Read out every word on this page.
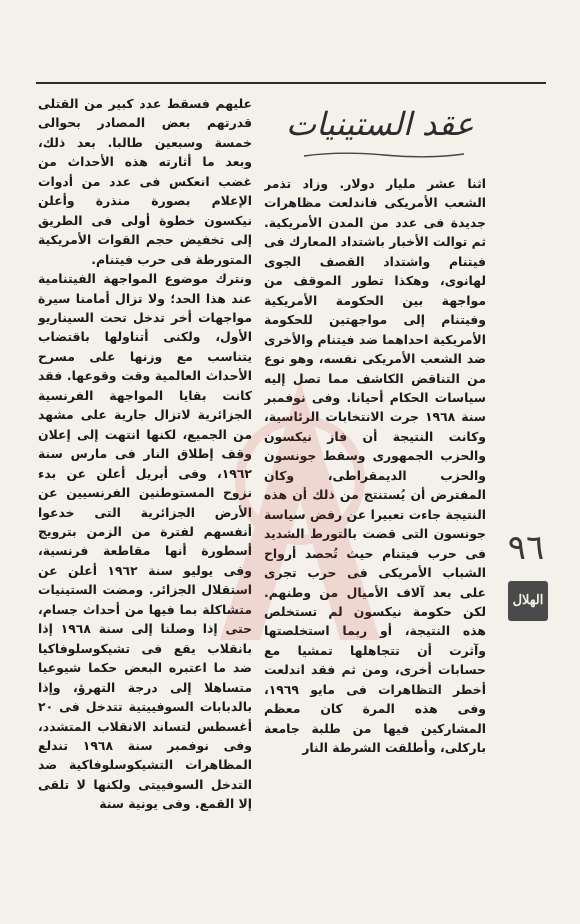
عقد الستينيات

عليهم فسقط عدد كبير من القتلى قدرتهم بعض المصادر بحوالى خمسة وسبعين طالبا. بعد ذلك، وبعد ما أثارته هذه الأحداث من غضب انعكس فى عدد من أدوات الإعلام بصورة منذرة وأعلن نيكسون خطوة أولى فى الطريق إلى تخفيض حجم القوات الأمريكية المتورطة فى حرب فيتنام.

ونترك موضوع المواجهة الفيتنامية عند هذا الحد؛ ولا تزال أمامنا سيرة مواجهات أخر تدخل تحت السيناريو الأول، ولكنى أتناولها باقتضاب يتناسب مع وزنها على مسرح الأحداث العالمية وقت وقوعها. فقد كانت بقايا المواجهة الفرنسية الجزائرية لاتزال جارية على مشهد من الجميع، لكنها انتهت إلى إعلان وقف إطلاق النار فى مارس سنة ١٩٦٢، وفى أبريل أعلن عن بدء نزوح المستوطنين الفرنسيين عن الأرض الجزائرية التى خدعوا أنفسهم لفترة من الزمن بترويج أسطورة أنها مقاطعة فرنسية، وفى يوليو سنة ١٩٦٢ أعلن عن استقلال الجزائر. ومضت الستينيات متشاكلة بما فيها من أحداث جسام، حتى إذا وصلنا إلى سنة ١٩٦٨ إذا بانقلاب يقع فى تشيكوسلوفاكيا ضد ما اعتبره البعض حكما شيوعيا متساهلا إلى درجة التهرؤ، وإذا بالدبابات السوفييتية تتدخل فى ٢٠ أغسطس لتساند الانقلاب المتشدد، وفى نوفمبر سنة ١٩٦٨ تندلع المظاهرات التشيكوسلوفاكية ضد التدخل السوفييتى ولكنها لا تلقى إلا القمع. وفى يونية سنة

اثنا عشر مليار دولار. وزاد تذمر الشعب الأمريكى فاندلعت مظاهرات جديدة فى عدد من المدن الأمريكية. ثم توالت الأخبار باشتداد المعارك فى فيتنام واشتداد القصف الجوى لهانوى، وهكذا تطور الموقف من مواجهة بين الحكومة الأمريكية وفيتنام إلى مواجهتين للحكومة الأمريكية احداهما ضد فيتنام والأخرى ضد الشعب الأمريكى نفسه، وهو نوع من التناقض الكاشف مما تصل إليه سياسات الحكام أحيانا. وفى نوفمبر سنة ١٩٦٨ جرت الانتخابات الرئاسية، وكانت النتيجة أن فاز نيكسون والحزب الجمهورى وسقط جونسون والحزب الديمقراطى، وكان المفترض أن يُستنتج من ذلك أن هذه النتيجة جاءت تعبيرا عن رفض سياسة جونسون التى قضت بالتورط الشديد فى حرب فيتنام حيث تُحصد أرواح الشباب الأمريكى فى حرب تجرى على بعد آلاف الأميال من وطنهم. لكن حكومة نيكسون لم تستخلص هذه النتيجة، أو ربما استخلصتها وآثرت أن تتجاهلها تمشيا مع حسابات أخرى، ومن ثم فقد اندلعت أخطر التظاهرات فى مايو ١٩٦٩، وفى هذه المرة كان معظم المشاركين فيها من طلبة جامعة باركلى، وأطلقت الشرطة النار

٩٦
الهلال
